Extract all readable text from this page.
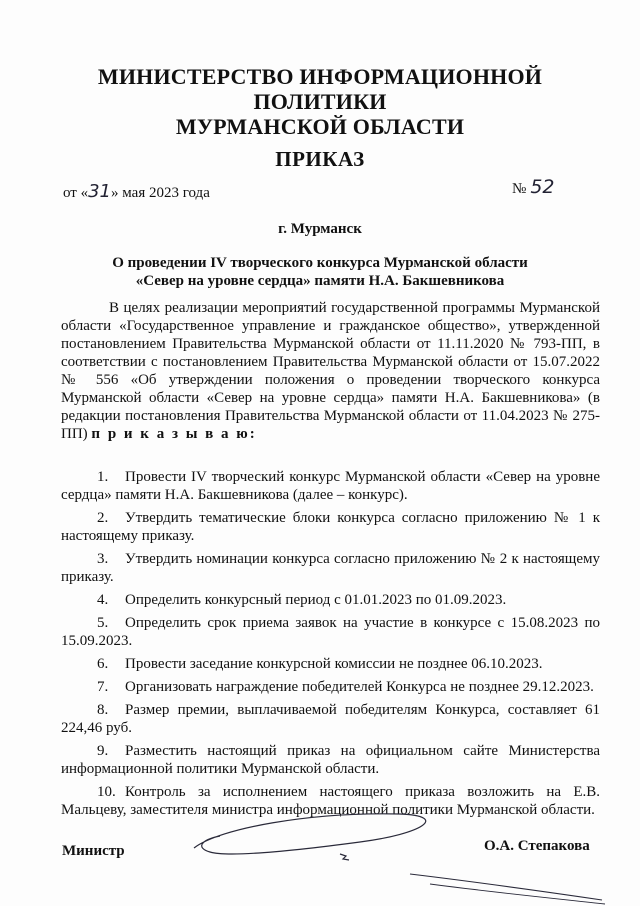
МИНИСТЕРСТВО ИНФОРМАЦИОННОЙ ПОЛИТИКИ
МУРМАНСКОЙ ОБЛАСТИ
ПРИКАЗ
от «31» мая 2023 года	№ 52
г. Мурманск
О проведении IV творческого конкурса Мурманской области
«Север на уровне сердца» памяти Н.А. Бакшевникова

В целях реализации мероприятий государственной программы Мурманской области «Государственное управление и гражданское общество», утвержденной постановлением Правительства Мурманской области от 11.11.2020 № 793-ПП, в соответствии с постановлением Правительства Мурманской области от 15.07.2022 № 556 «Об утверждении положения о проведении творческого конкурса Мурманской области «Север на уровне сердца» памяти Н.А. Бакшевникова» (в редакции постановления Правительства Мурманской области от 11.04.2023 № 275-ПП) п р и к а з ы в а ю:

1. Провести IV творческий конкурс Мурманской области «Север на уровне сердца» памяти Н.А. Бакшевникова (далее – конкурс).

2. Утвердить тематические блоки конкурса согласно приложению № 1 к настоящему приказу.

3. Утвердить номинации конкурса согласно приложению № 2 к настоящему приказу.

4. Определить конкурсный период с 01.01.2023 по 01.09.2023.

5. Определить срок приема заявок на участие в конкурсе с 15.08.2023 по 15.09.2023.

6. Провести заседание конкурсной комиссии не позднее 06.10.2023.

7. Организовать награждение победителей Конкурса не позднее 29.12.2023.

8. Размер премии, выплачиваемой победителям Конкурса, составляет 61 224,46 руб.

9. Разместить настоящий приказ на официальном сайте Министерства информационной политики Мурманской области.

10. Контроль за исполнением настоящего приказа возложить на Е.В. Мальцеву, заместителя министра информационной политики Мурманской области.

Министр	О.А. Степакова
